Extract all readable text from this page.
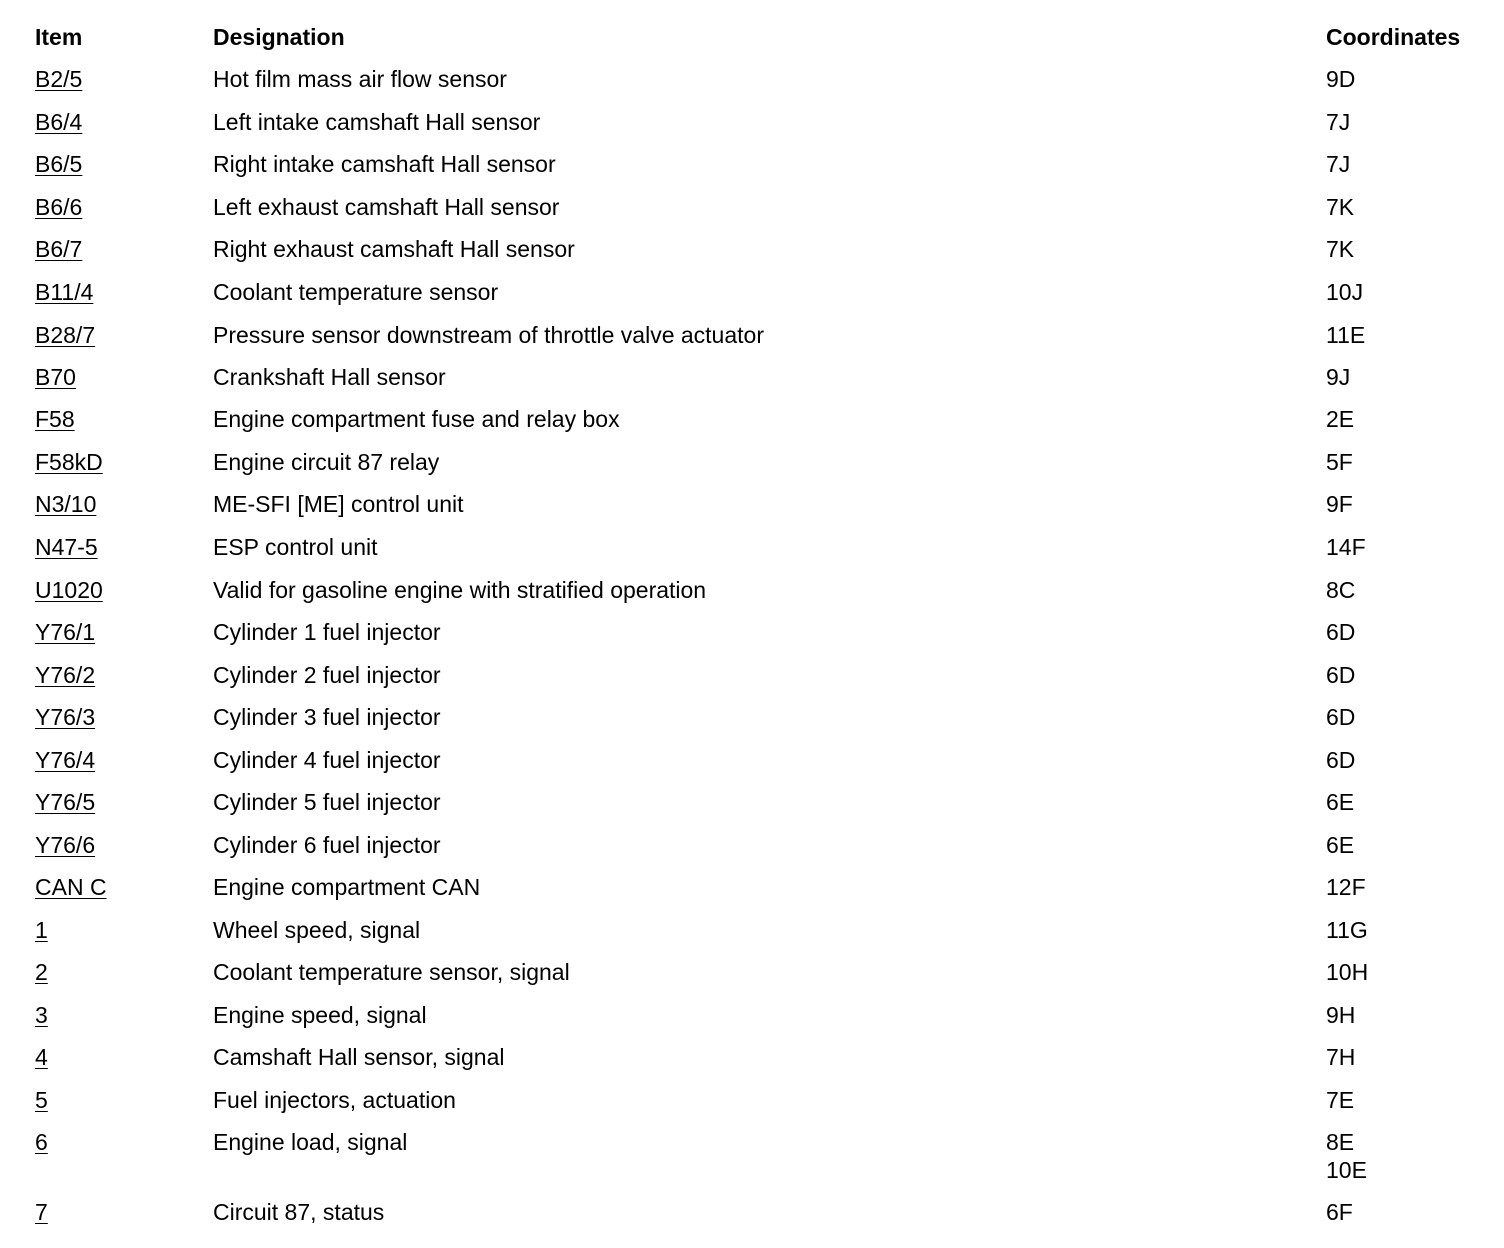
Item	Designation	Coordinates
B2/5	Hot film mass air flow sensor	9D
B6/4	Left intake camshaft Hall sensor	7J
B6/5	Right intake camshaft Hall sensor	7J
B6/6	Left exhaust camshaft Hall sensor	7K
B6/7	Right exhaust camshaft Hall sensor	7K
B11/4	Coolant temperature sensor	10J
B28/7	Pressure sensor downstream of throttle valve actuator	11E
B70	Crankshaft Hall sensor	9J
F58	Engine compartment fuse and relay box	2E
F58kD	Engine circuit 87 relay	5F
N3/10	ME-SFI [ME] control unit	9F
N47-5	ESP control unit	14F
U1020	Valid for gasoline engine with stratified operation	8C
Y76/1	Cylinder 1 fuel injector	6D
Y76/2	Cylinder 2 fuel injector	6D
Y76/3	Cylinder 3 fuel injector	6D
Y76/4	Cylinder 4 fuel injector	6D
Y76/5	Cylinder 5 fuel injector	6E
Y76/6	Cylinder 6 fuel injector	6E
CAN C	Engine compartment CAN	12F
1	Wheel speed, signal	11G
2	Coolant temperature sensor, signal	10H
3	Engine speed, signal	9H
4	Camshaft Hall sensor, signal	7H
5	Fuel injectors, actuation	7E
6	Engine load, signal	8E
10E
7	Circuit 87, status	6F
